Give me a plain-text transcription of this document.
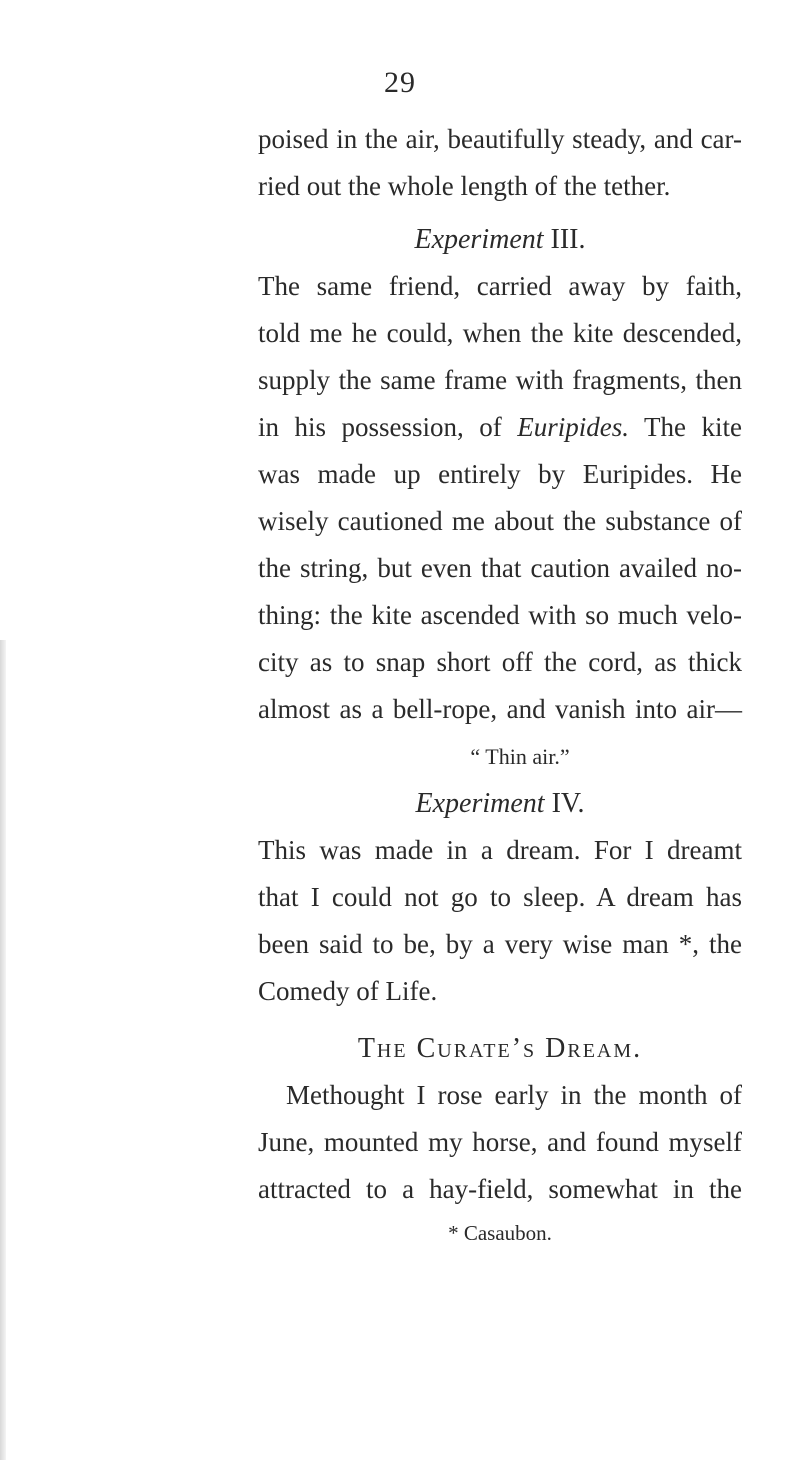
29
poised in the air, beautifully steady, and car-
ried out the whole length of the tether.
Experiment III.
The same friend, carried away by faith,
told me he could, when the kite descended,
supply the same frame with fragments, then
in his possession, of Euripides. The kite
was made up entirely by Euripides. He
wisely cautioned me about the substance of
the string, but even that caution availed no-
thing: the kite ascended with so much velo-
city as to snap short off the cord, as thick
almost as a bell-rope, and vanish into air—
“ Thin air.”
Experiment IV.
This was made in a dream. For I dreamt
that I could not go to sleep. A dream has
been said to be, by a very wise man *, the
Comedy of Life.
The Curate’s Dream.
Methought I rose early in the month of
June, mounted my horse, and found myself
attracted to a hay-field, somewhat in the
* Casaubon.
